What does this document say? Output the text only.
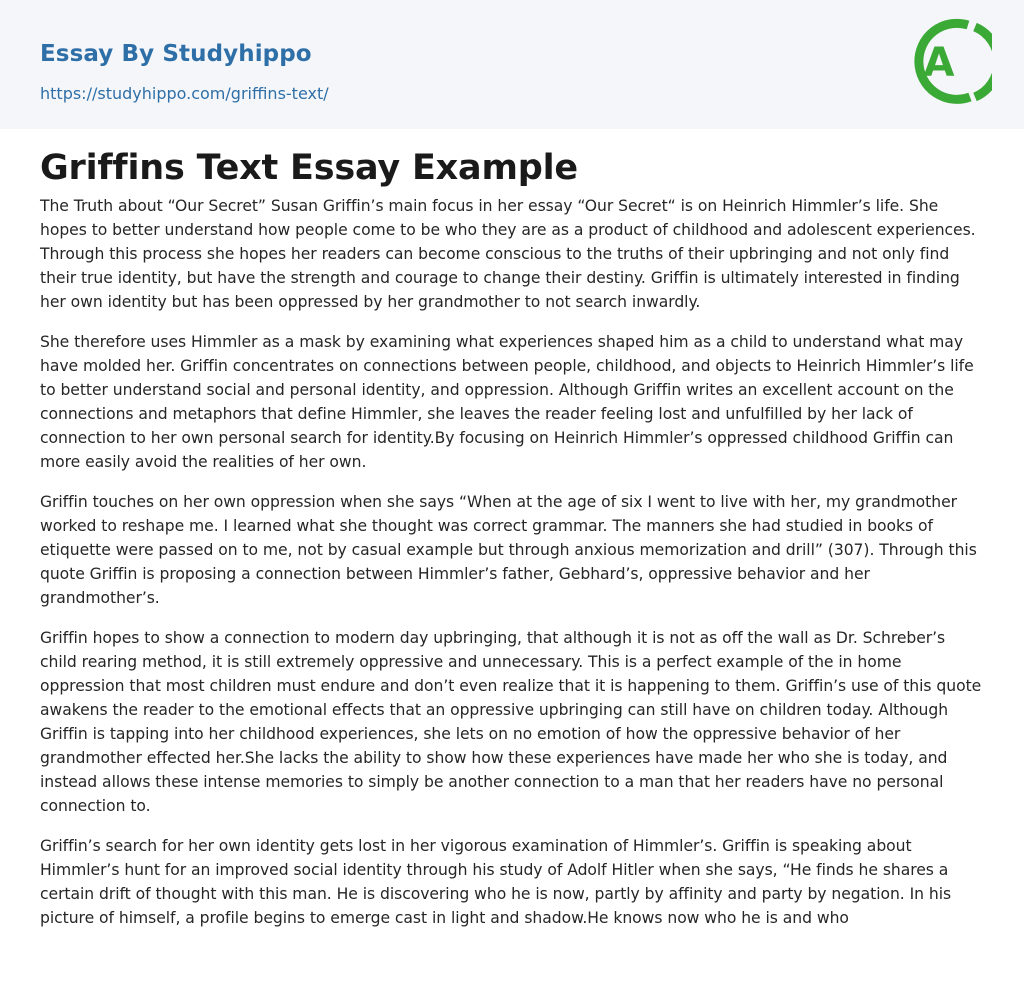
Essay By Studyhippo
https://studyhippo.com/griffins-text/
A
Griffins Text Essay Example

The Truth about “Our Secret” Susan Griffin’s main focus in her essay “Our Secret“ is on Heinrich Himmler’s life. She hopes to better understand how people come to be who they are as a product of childhood and adolescent experiences. Through this process she hopes her readers can become conscious to the truths of their upbringing and not only find their true identity, but have the strength and courage to change their destiny. Griffin is ultimately interested in finding her own identity but has been oppressed by her grandmother to not search inwardly.

She therefore uses Himmler as a mask by examining what experiences shaped him as a child to understand what may have molded her. Griffin concentrates on connections between people, childhood, and objects to Heinrich Himmler’s life to better understand social and personal identity, and oppression. Although Griffin writes an excellent account on the connections and metaphors that define Himmler, she leaves the reader feeling lost and unfulfilled by her lack of connection to her own personal search for identity.By focusing on Heinrich Himmler’s oppressed childhood Griffin can more easily avoid the realities of her own.

Griffin touches on her own oppression when she says “When at the age of six I went to live with her, my grandmother worked to reshape me. I learned what she thought was correct grammar. The manners she had studied in books of etiquette were passed on to me, not by casual example but through anxious memorization and drill” (307). Through this quote Griffin is proposing a connection between Himmler’s father, Gebhard’s, oppressive behavior and her grandmother’s.

Griffin hopes to show a connection to modern day upbringing, that although it is not as off the wall as Dr. Schreber’s child rearing method, it is still extremely oppressive and unnecessary. This is a perfect example of the in home oppression that most children must endure and don’t even realize that it is happening to them. Griffin’s use of this quote awakens the reader to the emotional effects that an oppressive upbringing can still have on children today. Although Griffin is tapping into her childhood experiences, she lets on no emotion of how the oppressive behavior of her grandmother effected her.She lacks the ability to show how these experiences have made her who she is today, and instead allows these intense memories to simply be another connection to a man that her readers have no personal connection to.

Griffin’s search for her own identity gets lost in her vigorous examination of Himmler’s. Griffin is speaking about Himmler’s hunt for an improved social identity through his study of Adolf Hitler when she says, “He finds he shares a certain drift of thought with this man. He is discovering who he is now, partly by affinity and party by negation. In his picture of himself, a profile begins to emerge cast in light and shadow.He knows now who he is and who
